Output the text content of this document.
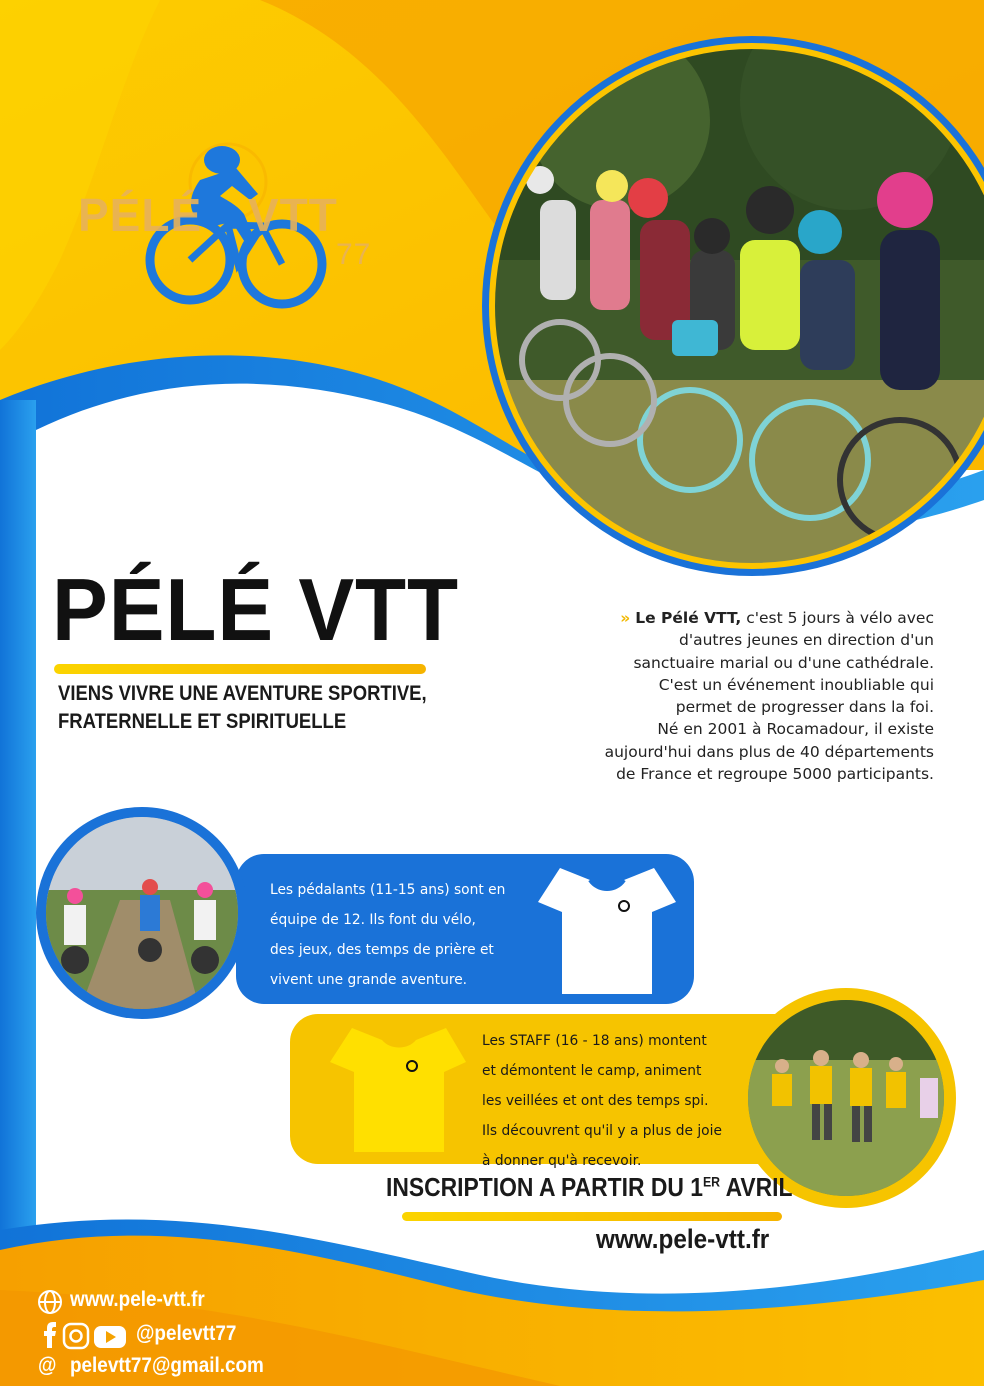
PÉLÉ VTT
77
PÉLÉ VTT
VIENS VIVRE UNE AVENTURE SPORTIVE,
FRATERNELLE ET SPIRITUELLE
» Le Pélé VTT, c'est 5 jours à vélo avec
d'autres jeunes en direction d'un
sanctuaire marial ou d'une cathédrale.
C'est un événement inoubliable qui
permet de progresser dans la foi.
Né en 2001 à Rocamadour, il existe
aujourd'hui dans plus de 40 départements
de France et regroupe 5000 participants.
Les pédalants (11-15 ans) sont en
équipe de 12. Ils font du vélo,
des jeux, des temps de prière et
vivent une grande aventure.
Les STAFF (16 - 18 ans) montent
et démontent le camp, animent
les veillées et ont des temps spi.
Ils découvrent qu'il y a plus de joie
à donner qu'à recevoir.
INSCRIPTION A PARTIR DU 1ER AVRIL
www.pele-vtt.fr
www.pele-vtt.fr
@pelevtt77
@ pelevtt77@gmail.com
